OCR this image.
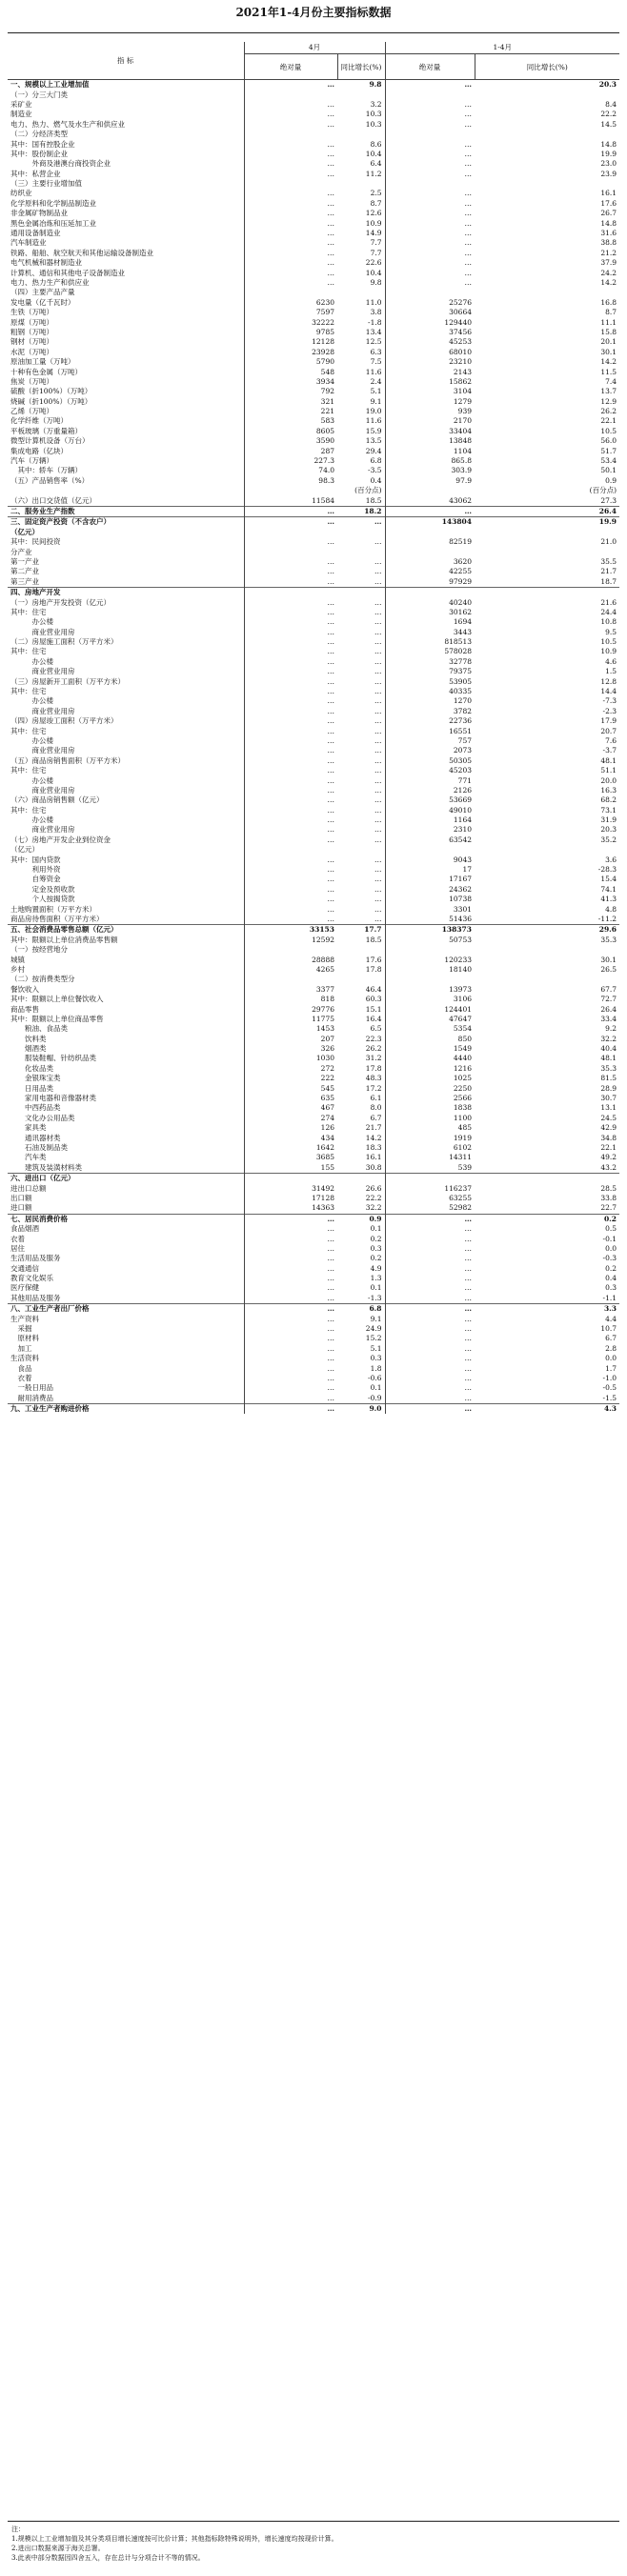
2021年1-4月份主要指标数据
指 标	4月		1-4月	
	绝对量	同比增长(%)	绝对量	同比增长(%)
一、规模以上工业增加值	…	9.8	…	20.3
（一）分三大门类				
采矿业	…	3.2	…	8.4
制造业	…	10.3	…	22.2
电力、热力、燃气及水生产和供应业	…	10.3	…	14.5
（二）分经济类型				
其中：国有控股企业	…	8.6	…	14.8
其中：股份制企业	…	10.4	…	19.9
　　　外商及港澳台商投资企业	…	6.4	…	23.0
其中：私营企业	…	11.2	…	23.9
（三）主要行业增加值				
纺织业	…	2.5	…	16.1
化学原料和化学制品制造业	…	8.7	…	17.6
非金属矿物制品业	…	12.6	…	26.7
黑色金属冶炼和压延加工业	…	10.9	…	14.8
通用设备制造业	…	14.9	…	31.6
汽车制造业	…	7.7	…	38.8
铁路、船舶、航空航天和其他运输设备制造业	…	7.7	…	21.2
电气机械和器材制造业	…	22.6	…	37.9
计算机、通信和其他电子设备制造业	…	10.4	…	24.2
电力、热力生产和供应业	…	9.8	…	14.2
（四）主要产品产量				
发电量（亿千瓦时）	6230	11.0	25276	16.8
生铁（万吨）	7597	3.8	30664	8.7
原煤（万吨）	32222	-1.8	129440	11.1
粗钢（万吨）	9785	13.4	37456	15.8
钢材（万吨）	12128	12.5	45253	20.1
水泥（万吨）	23928	6.3	68010	30.1
原油加工量（万吨）	5790	7.5	23210	14.2
十种有色金属（万吨）	548	11.6	2143	11.5
焦炭（万吨）	3934	2.4	15862	7.4
硫酸（折100%）（万吨）	792	5.1	3104	13.7
烧碱（折100%）（万吨）	321	9.1	1279	12.9
乙烯（万吨）	221	19.0	939	26.2
化学纤维（万吨）	583	11.6	2170	22.1
平板玻璃（万重量箱）	8605	15.9	33404	10.5
微型计算机设备（万台）	3590	13.5	13848	56.0
集成电路（亿块）	287	29.4	1104	51.7
汽车（万辆）	227.3	6.8	865.8	53.4
　其中：轿车（万辆）	74.0	-3.5	303.9	50.1
（五）产品销售率（%）	98.3	0.4	97.9	0.9
		(百分点)		(百分点)
（六）出口交货值（亿元）	11584	18.5	43062	27.3
二、服务业生产指数	…	18.2	…	26.4
三、固定资产投资（不含农户）	…	…	143804	19.9
（亿元）				
其中：民间投资	…	…	82519	21.0
分产业				
第一产业	…	…	3620	35.5
第二产业	…	…	42255	21.7
第三产业	…	…	97929	18.7
四、房地产开发				
（一）房地产开发投资（亿元）	…	…	40240	21.6
其中：住宅	…	…	30162	24.4
　　　办公楼	…	…	1694	10.8
　　　商业营业用房	…	…	3443	9.5
（二）房屋施工面积（万平方米）	…	…	818513	10.5
其中：住宅	…	…	578028	10.9
　　　办公楼	…	…	32778	4.6
　　　商业营业用房	…	…	79375	1.5
（三）房屋新开工面积（万平方米）	…	…	53905	12.8
其中：住宅	…	…	40335	14.4
　　　办公楼	…	…	1270	-7.3
　　　商业营业用房	…	…	3782	-2.3
（四）房屋竣工面积（万平方米）	…	…	22736	17.9
其中：住宅	…	…	16551	20.7
　　　办公楼	…	…	757	7.6
　　　商业营业用房	…	…	2073	-3.7
（五）商品房销售面积（万平方米）	…	…	50305	48.1
其中：住宅	…	…	45203	51.1
　　　办公楼	…	…	771	20.0
　　　商业营业用房	…	…	2126	16.3
（六）商品房销售额（亿元）	…	…	53669	68.2
其中：住宅	…	…	49010	73.1
　　　办公楼	…	…	1164	31.9
　　　商业营业用房	…	…	2310	20.3
（七）房地产开发企业到位资金	…	…	63542	35.2
（亿元）				
其中：国内贷款	…	…	9043	3.6
　　　利用外资	…	…	17	-28.3
　　　自筹资金	…	…	17167	15.4
　　　定金及预收款	…	…	24362	74.1
　　　个人按揭贷款	…	…	10738	41.3
土地购置面积（万平方米）	…	…	3301	4.8
商品房待售面积（万平方米）	…	…	51436	-11.2
五、社会消费品零售总额（亿元）	33153	17.7	138373	29.6
其中：限额以上单位消费品零售额	12592	18.5	50753	35.3
（一）按经营地分				
城镇	28888	17.6	120233	30.1
乡村	4265	17.8	18140	26.5
（二）按消费类型分				
餐饮收入	3377	46.4	13973	67.7
其中：限额以上单位餐饮收入	818	60.3	3106	72.7
商品零售	29776	15.1	124401	26.4
其中：限额以上单位商品零售	11775	16.4	47647	33.4
　　粮油、食品类	1453	6.5	5354	9.2
　　饮料类	207	22.3	850	32.2
　　烟酒类	326	26.2	1549	40.4
　　服装鞋帽、针纺织品类	1030	31.2	4440	48.1
　　化妆品类	272	17.8	1216	35.3
　　金银珠宝类	222	48.3	1025	81.5
　　日用品类	545	17.2	2250	28.9
　　家用电器和音像器材类	635	6.1	2566	30.7
　　中西药品类	467	8.0	1838	13.1
　　文化办公用品类	274	6.7	1100	24.5
　　家具类	126	21.7	485	42.9
　　通讯器材类	434	14.2	1919	34.8
　　石油及制品类	1642	18.3	6102	22.1
　　汽车类	3685	16.1	14311	49.2
　　建筑及装潢材料类	155	30.8	539	43.2
六、进出口（亿元）				
进出口总额	31492	26.6	116237	28.5
出口额	17128	22.2	63255	33.8
进口额	14363	32.2	52982	22.7
七、居民消费价格	…	0.9	…	0.2
食品烟酒	…	0.1	…	0.5
衣着	…	0.2	…	-0.1
居住	…	0.3	…	0.0
生活用品及服务	…	0.2	…	-0.3
交通通信	…	4.9	…	0.2
教育文化娱乐	…	1.3	…	0.4
医疗保健	…	0.1	…	0.3
其他用品及服务	…	-1.3	…	-1.1
八、工业生产者出厂价格	…	6.8	…	3.3
生产资料	…	9.1	…	4.4
　采掘	…	24.9	…	10.7
　原材料	…	15.2	…	6.7
　加工	…	5.1	…	2.8
生活资料	…	0.3	…	0.0
　食品	…	1.8	…	1.7
　衣着	…	-0.6	…	-1.0
　一般日用品	…	0.1	…	-0.5
　耐用消费品	…	-0.9	…	-1.5
九、工业生产者购进价格	…	9.0	…	4.3
注：
1.规模以上工业增加值及其分类项目增长速度按可比价计算；其他指标除特殊说明外，增长速度均按现价计算。
2.进出口数据来源于海关总署。
3.此表中部分数据因四舍五入，存在总计与分项合计不等的情况。
